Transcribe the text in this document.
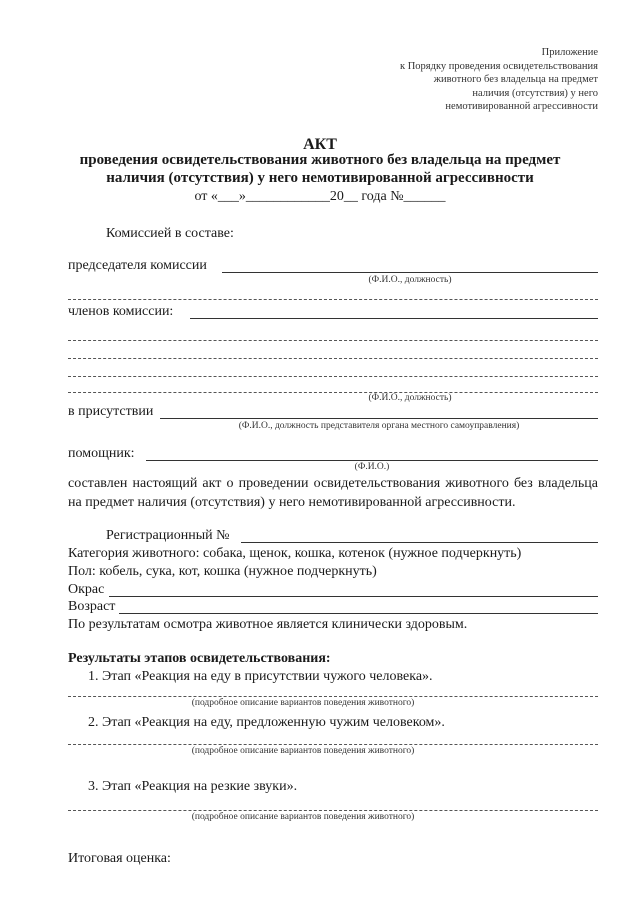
Приложение
к Порядку проведения освидетельствования
животного без владельца на предмет
наличия (отсутствия) у него
немотивированной агрессивности
АКТ
проведения освидетельствования животного без владельца на предмет
наличия (отсутствия) у него немотивированной агрессивности
от «___»____________20__ года №______
Комиссией в составе:
председателя комиссии
(Ф.И.О., должность)
членов комиссии:
(Ф.И.О., должность)
в присутствии
(Ф.И.О., должность представителя органа местного самоуправления)
помощник:
(Ф.И.О.)
составлен настоящий акт о проведении освидетельствования животного без владельца на предмет наличия (отсутствия) у него немотивированной агрессивности.
Регистрационный №
Категория животного: собака, щенок, кошка, котенок (нужное подчеркнуть)
Пол: кобель, сука, кот, кошка (нужное подчеркнуть)
Окрас
Возраст
По результатам осмотра животное является клинически здоровым.
Результаты этапов освидетельствования:
1. Этап «Реакция на еду в присутствии чужого человека».
(подробное описание вариантов поведения животного)
2. Этап «Реакция на еду, предложенную чужим человеком».
(подробное описание вариантов поведения животного)
3. Этап «Реакция на резкие звуки».
(подробное описание вариантов поведения животного)
Итоговая оценка:
